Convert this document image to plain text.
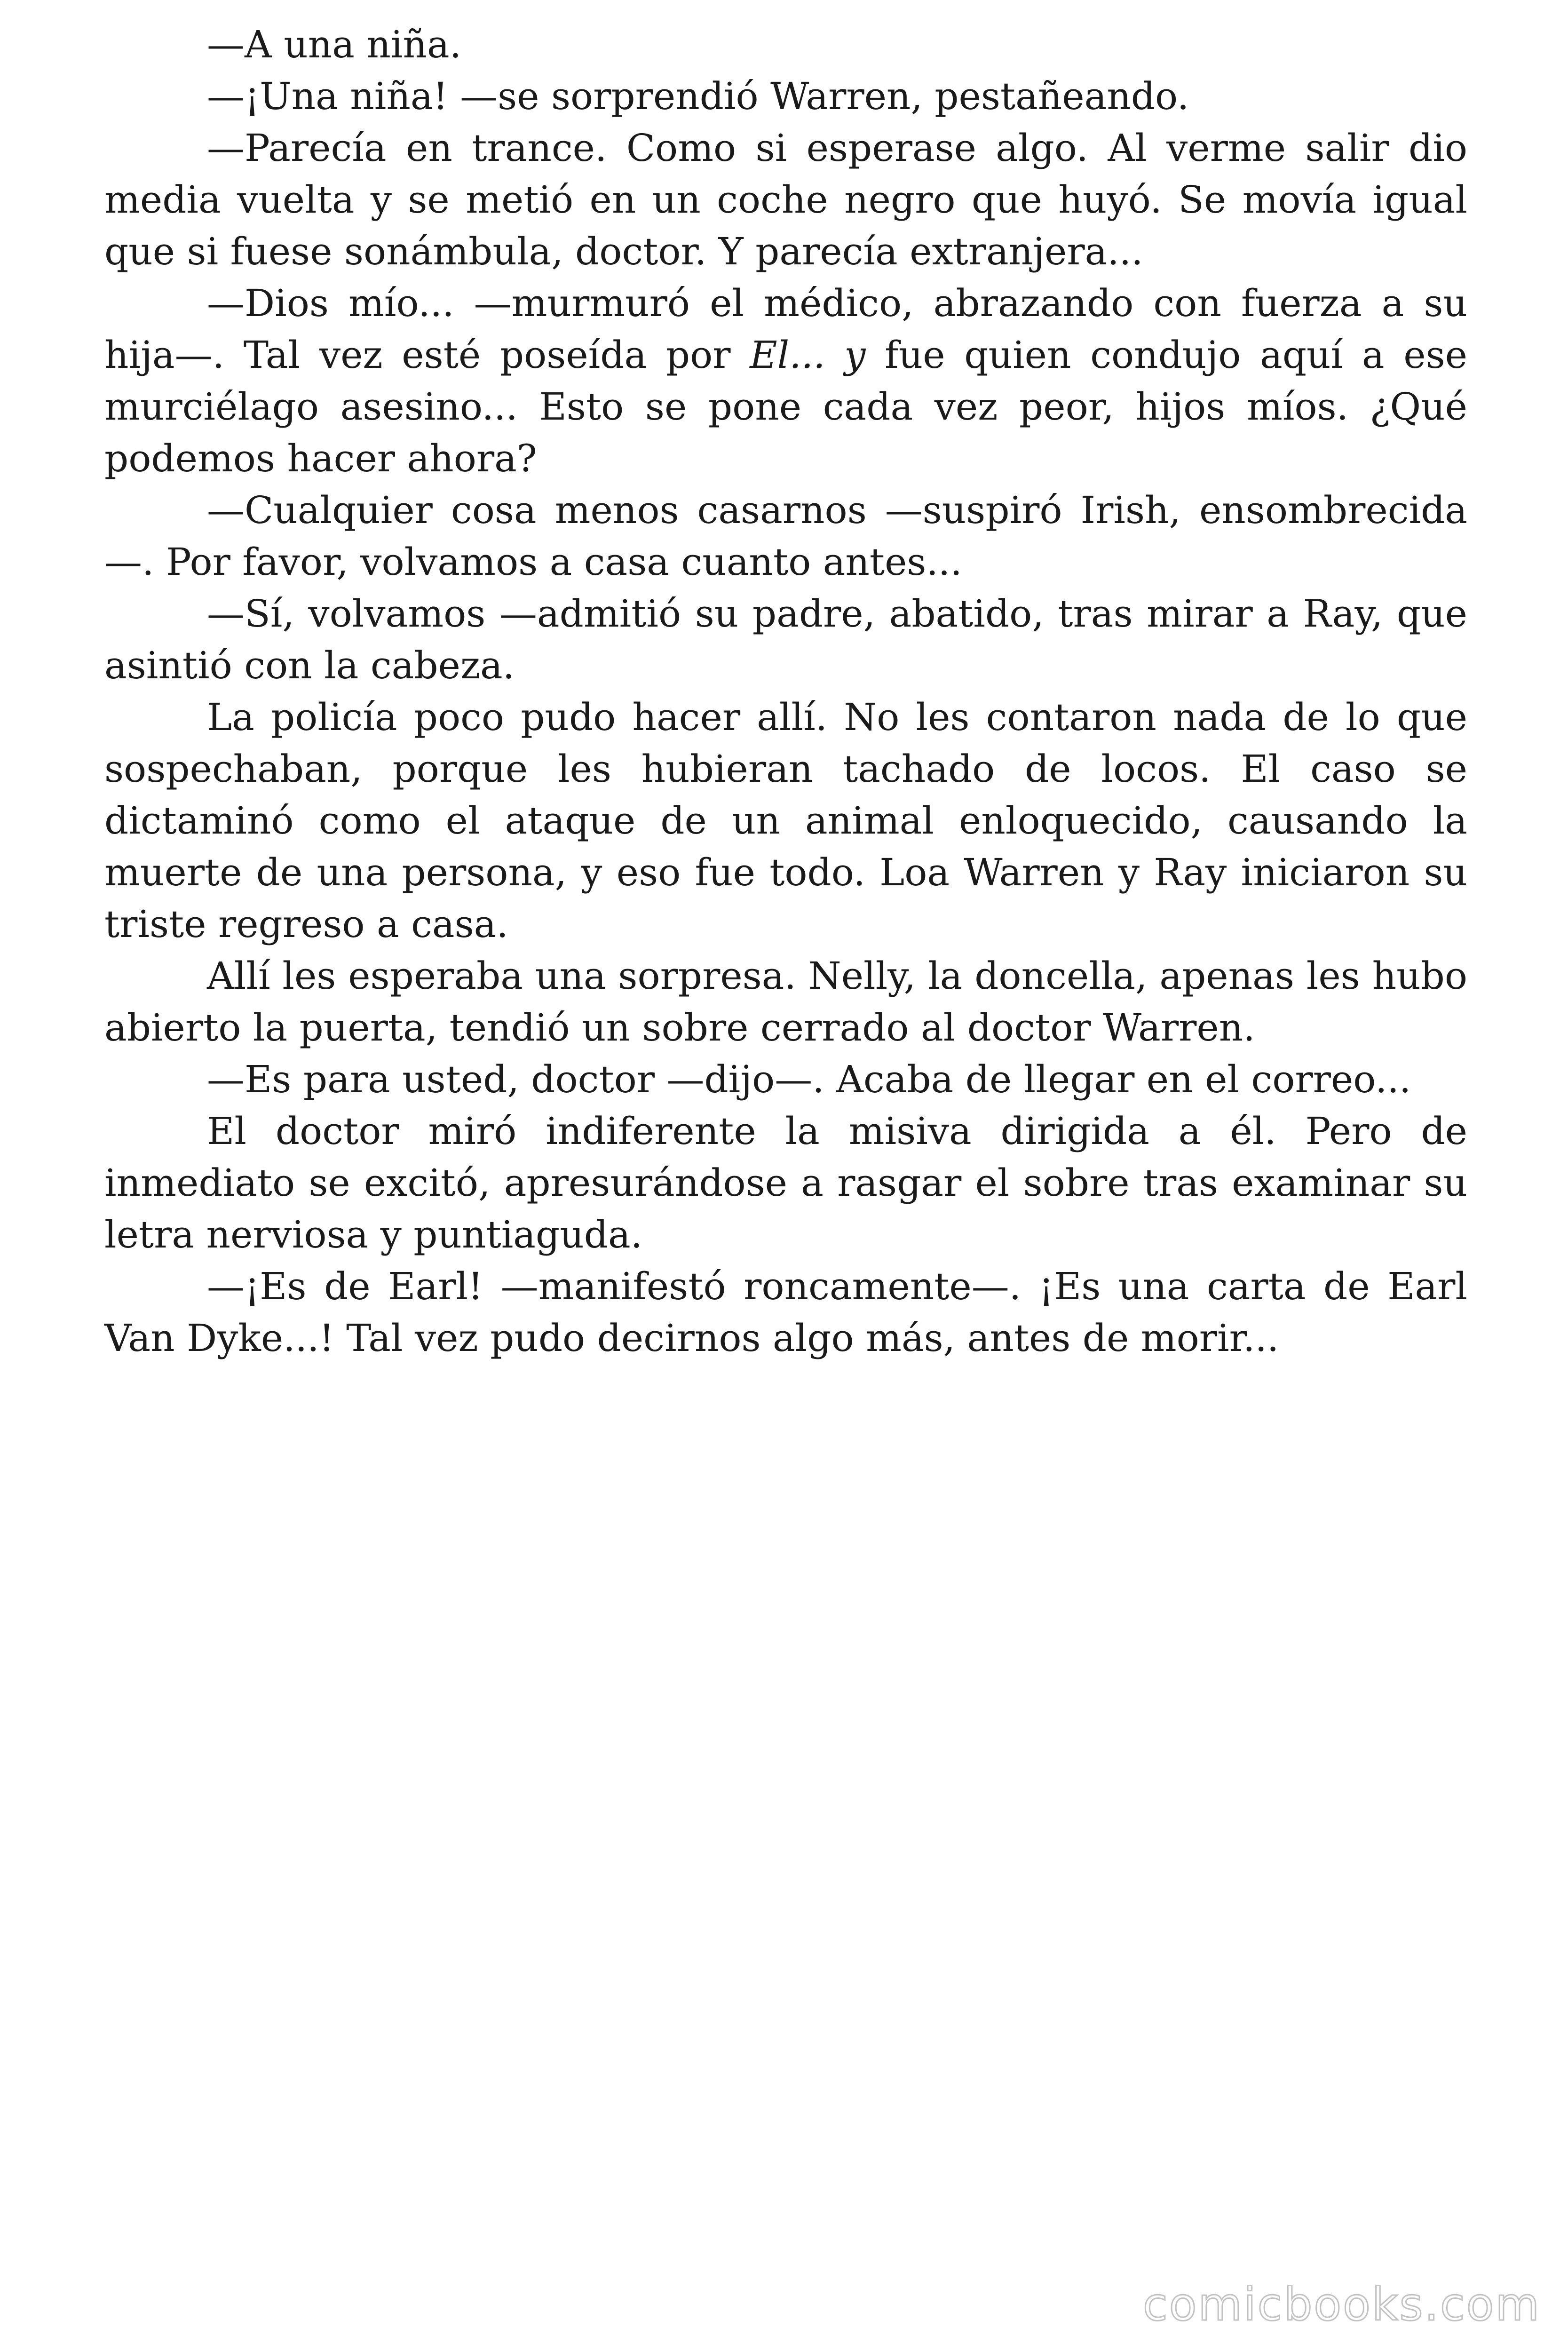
—A una niña.

—¡Una niña! —se sorprendió Warren, pestañeando.

—Parecía en trance. Como si esperase algo. Al verme salir dio media vuelta y se metió en un coche negro que huyó. Se movía igual que si fuese sonámbula, doctor. Y parecía extranjera...

—Dios mío... —murmuró el médico, abrazando con fuerza a su hija—. Tal vez esté poseída por El... y fue quien condujo aquí a ese murciélago asesino... Esto se pone cada vez peor, hijos míos. ¿Qué podemos hacer ahora?

—Cualquier cosa menos casarnos —suspiró Irish, ensombrecida —. Por favor, volvamos a casa cuanto antes...

—Sí, volvamos —admitió su padre, abatido, tras mirar a Ray, que asintió con la cabeza.

La policía poco pudo hacer allí. No les contaron nada de lo que sospechaban, porque les hubieran tachado de locos. El caso se dictaminó como el ataque de un animal enloquecido, causando la muerte de una persona, y eso fue todo. Loa Warren y Ray iniciaron su triste regreso a casa.

Allí les esperaba una sorpresa. Nelly, la doncella, apenas les hubo abierto la puerta, tendió un sobre cerrado al doctor Warren.

—Es para usted, doctor —dijo—. Acaba de llegar en el correo...

El doctor miró indiferente la misiva dirigida a él. Pero de inmediato se excitó, apresurándose a rasgar el sobre tras examinar su letra nerviosa y puntiaguda.

—¡Es de Earl! —manifestó roncamente—. ¡Es una carta de Earl Van Dyke...! Tal vez pudo decirnos algo más, antes de morir...

comicbooks.com
